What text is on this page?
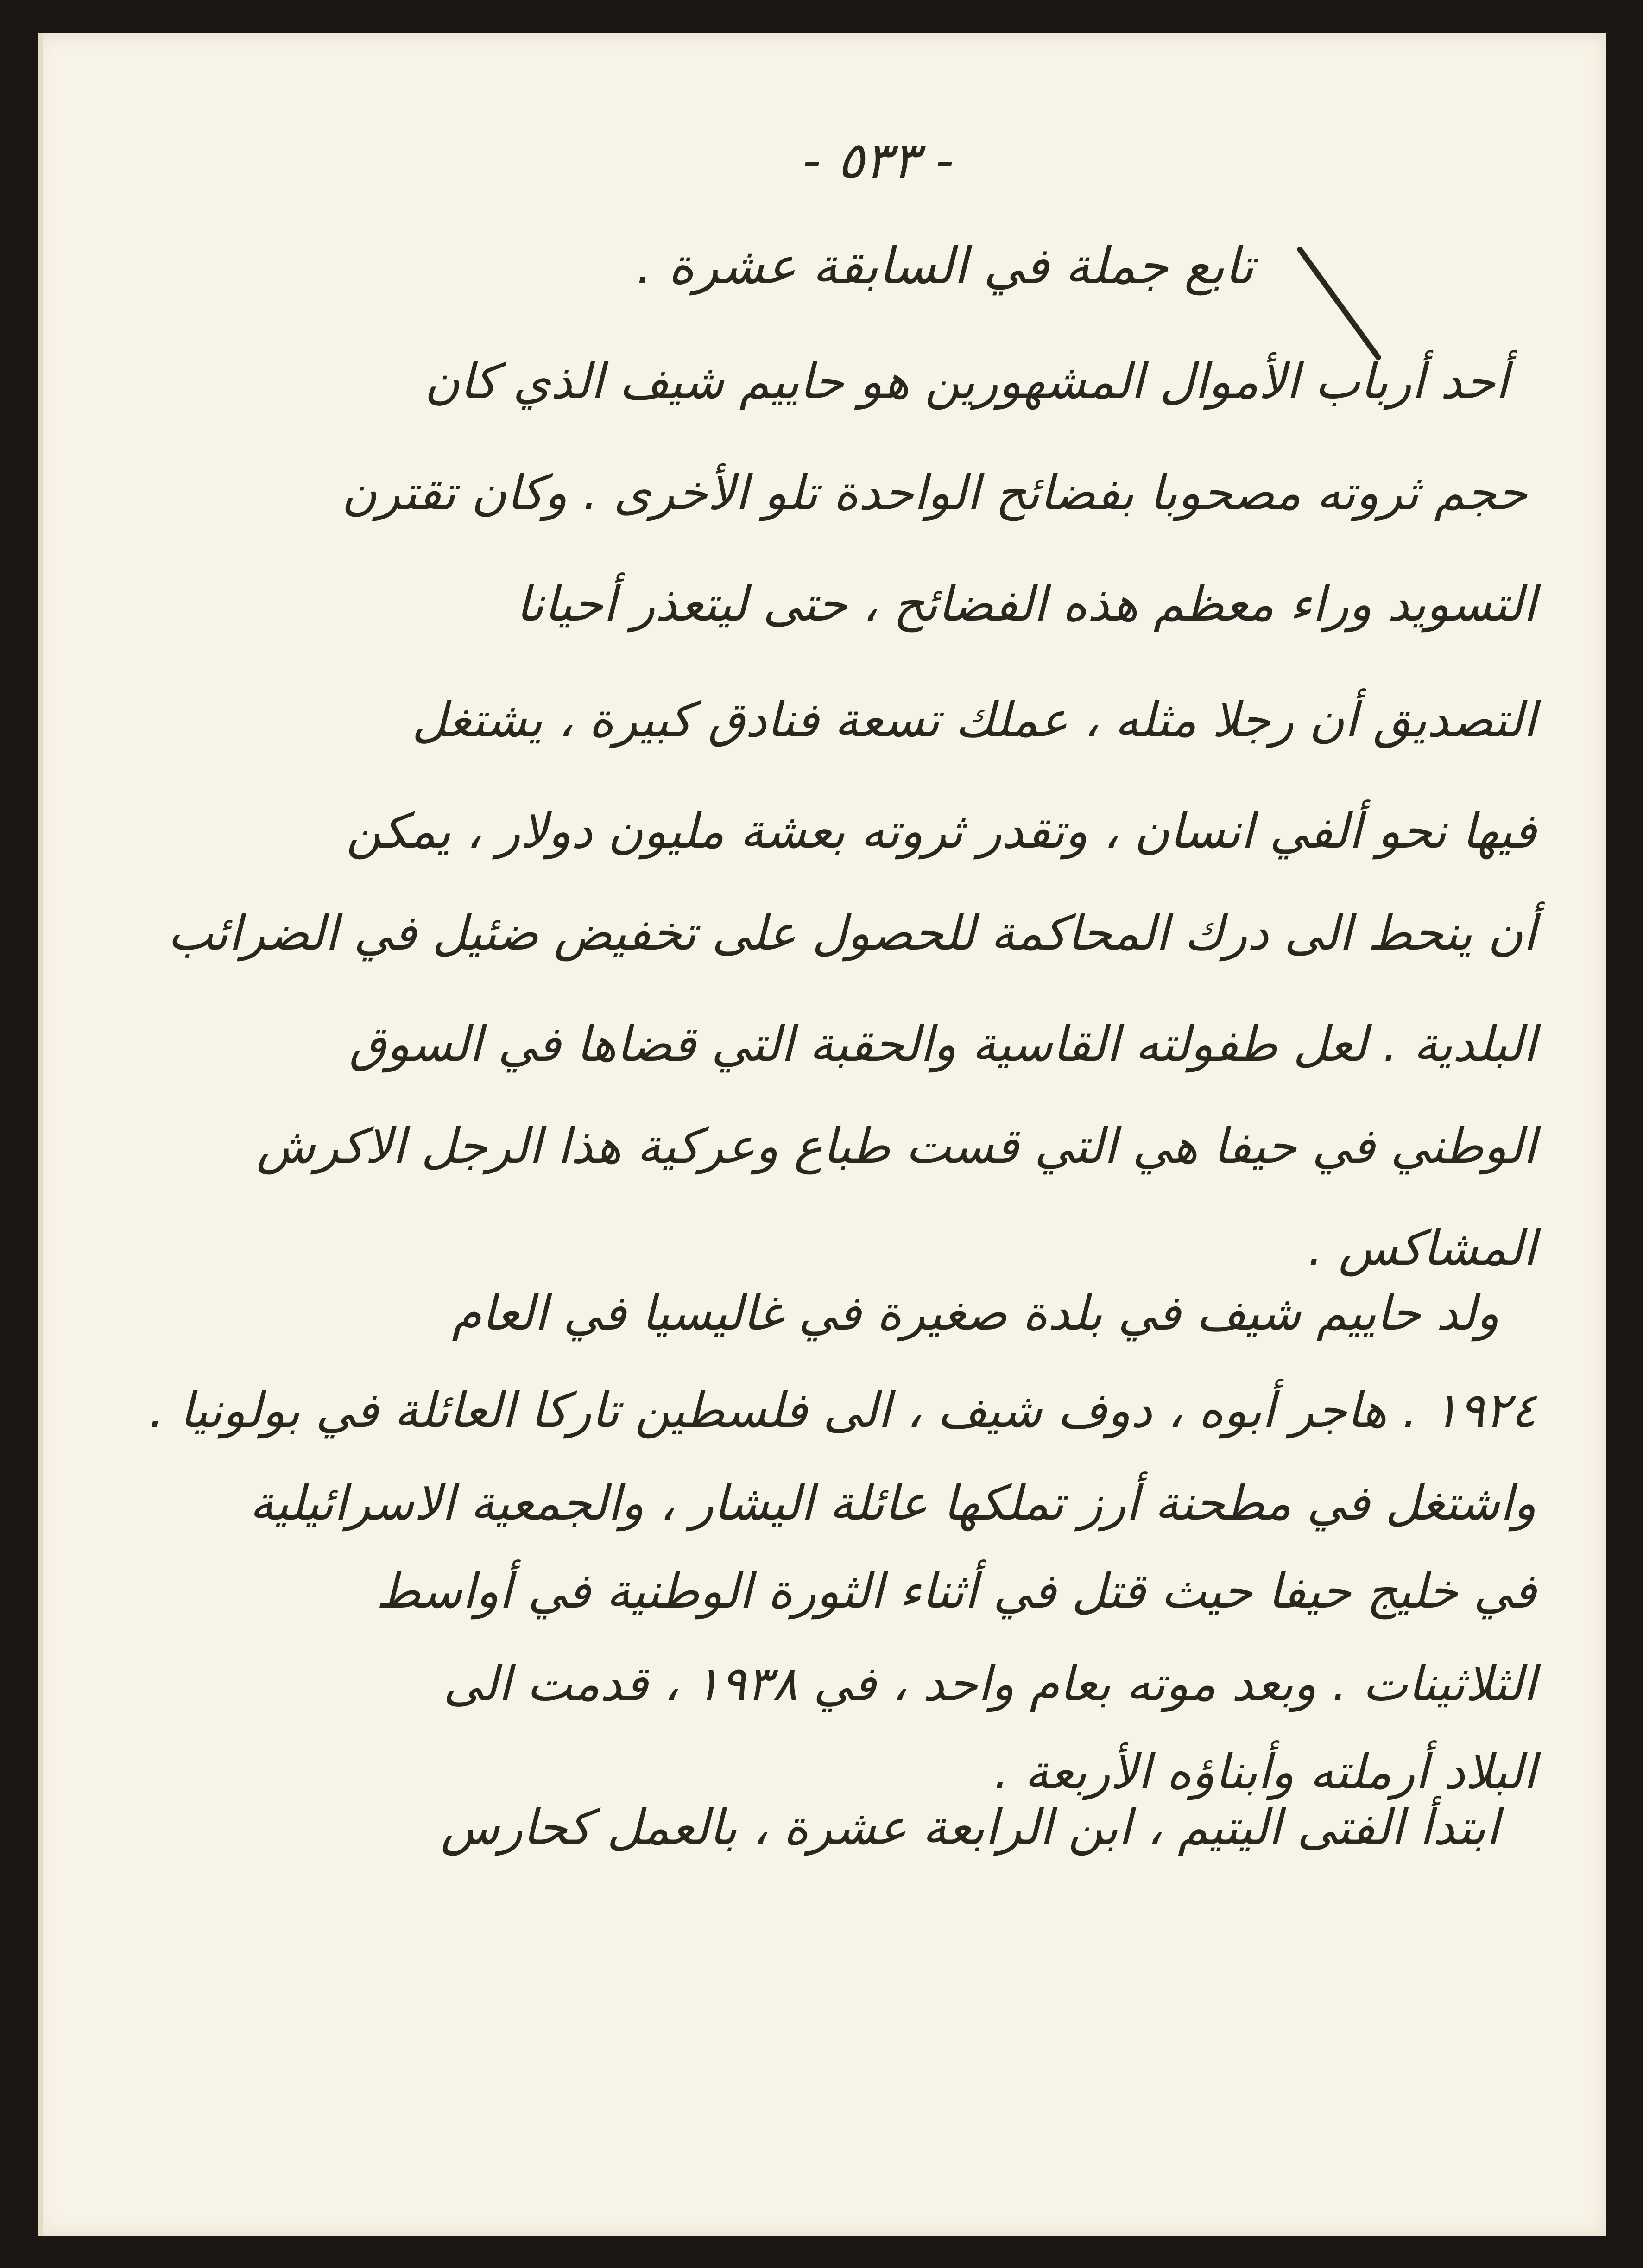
- ٥٣٣ -
تابع جملة في السابقة عشرة .
أحد أرباب الأموال المشهورين هو حاييم شيف الذي كان
حجم ثروته مصحوبا بفضائح الواحدة تلو الأخرى . وكان تقترن
التسويد وراء معظم هذه الفضائح ، حتى ليتعذر أحيانا
التصديق أن رجلا مثله ، عملك تسعة فنادق كبيرة ، يشتغل
فيها نحو ألفي انسان ، وتقدر ثروته بعشة مليون دولار ، يمكن
أن ينحط الى درك المحاكمة للحصول على تخفيض ضئيل في الضرائب
البلدية . لعل طفولته القاسية والحقبة التي قضاها في السوق
الوطني في حيفا هي التي قست طباع وعركية هذا الرجل الاكرش
المشاكس .
ولد حاييم شيف في بلدة صغيرة في غاليسيا في العام
١٩٢٤ . هاجر أبوه ، دوف شيف ، الى فلسطين تاركا العائلة في بولونيا .
واشتغل في مطحنة أرز تملكها عائلة اليشار ، والجمعية الاسرائيلية
في خليج حيفا حيث قتل في أثناء الثورة الوطنية في أواسط
الثلاثينات . وبعد موته بعام واحد ، في ١٩٣٨ ، قدمت الى
البلاد أرملته وأبناؤه الأربعة .
ابتدأ الفتى اليتيم ، ابن الرابعة عشرة ، بالعمل كحارس
